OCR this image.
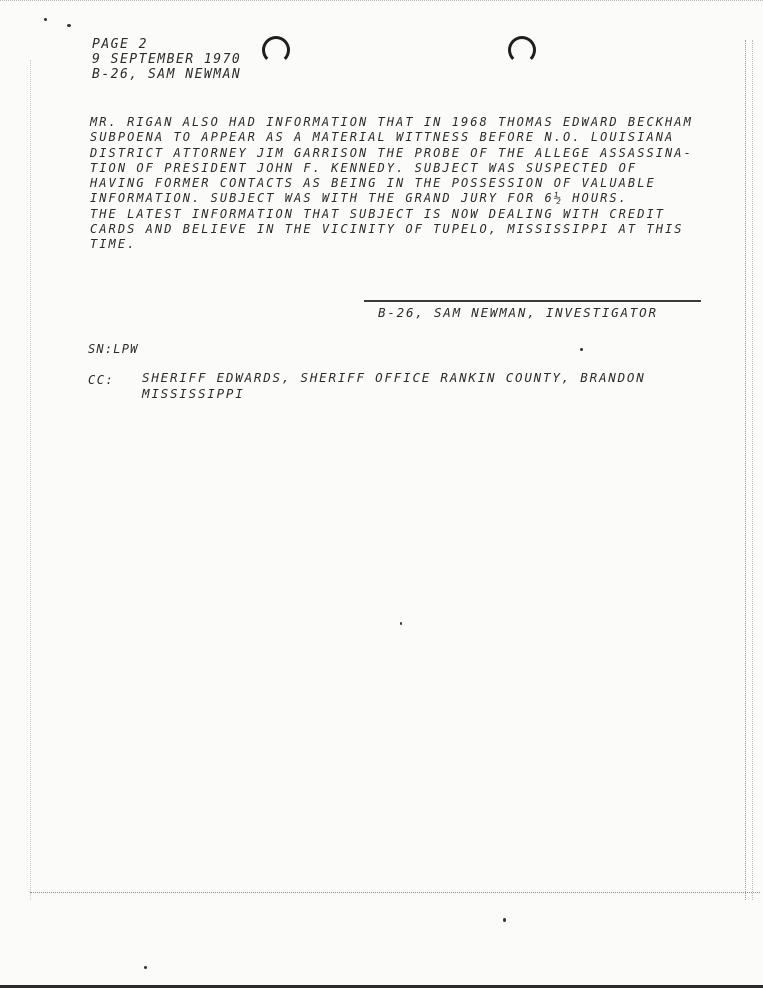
PAGE 2
9 SEPTEMBER 1970
B-26, SAM NEWMAN
MR. RIGAN ALSO HAD INFORMATION THAT IN 1968 THOMAS EDWARD BECKHAM
SUBPOENA TO APPEAR AS A MATERIAL WITTNESS BEFORE N.O. LOUISIANA
DISTRICT ATTORNEY JIM GARRISON THE PROBE OF THE ALLEGE ASSASSINA-
TION OF PRESIDENT JOHN F. KENNEDY. SUBJECT WAS SUSPECTED OF
HAVING FORMER CONTACTS AS BEING IN THE POSSESSION OF VALUABLE
INFORMATION. SUBJECT WAS WITH THE GRAND JURY FOR 6½ HOURS.
THE LATEST INFORMATION THAT SUBJECT IS NOW DEALING WITH CREDIT
CARDS AND BELIEVE IN THE VICINITY OF TUPELO, MISSISSIPPI AT THIS
TIME.
B-26, SAM NEWMAN, INVESTIGATOR
SN:LPW
CC: SHERIFF EDWARDS, SHERIFF OFFICE RANKIN COUNTY, BRANDON
MISSISSIPPI
